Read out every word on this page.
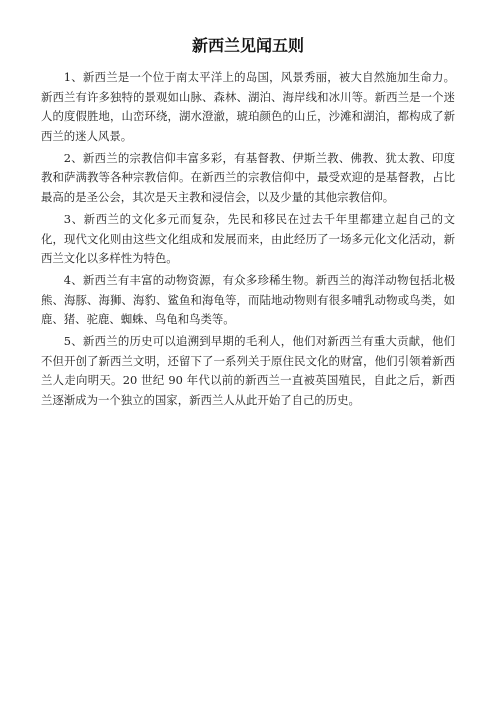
新西兰见闻五则

1、新西兰是一个位于南太平洋上的岛国，风景秀丽，被大自然施加生命力。新西兰有许多独特的景观如山脉、森林、湖泊、海岸线和冰川等。新西兰是一个迷人的度假胜地，山峦环绕，湖水澄澈，琥珀颜色的山丘，沙滩和湖泊，都构成了新西兰的迷人风景。

2、新西兰的宗教信仰丰富多彩，有基督教、伊斯兰教、佛教、犹太教、印度教和萨满教等各种宗教信仰。在新西兰的宗教信仰中，最受欢迎的是基督教，占比最高的是圣公会，其次是天主教和浸信会，以及少量的其他宗教信仰。

3、新西兰的文化多元而复杂，先民和移民在过去千年里都建立起自己的文化，现代文化则由这些文化组成和发展而来，由此经历了一场多元化文化活动，新西兰文化以多样性为特色。

4、新西兰有丰富的动物资源，有众多珍稀生物。新西兰的海洋动物包括北极熊、海豚、海狮、海豹、鲨鱼和海龟等，而陆地动物则有很多哺乳动物或鸟类，如鹿、猪、驼鹿、蜘蛛、鸟龟和鸟类等。

5、新西兰的历史可以追溯到早期的毛利人，他们对新西兰有重大贡献，他们不但开创了新西兰文明，还留下了一系列关于原住民文化的财富，他们引领着新西兰人走向明天。20 世纪 90 年代以前的新西兰一直被英国殖民，自此之后，新西兰逐渐成为一个独立的国家，新西兰人从此开始了自己的历史。
